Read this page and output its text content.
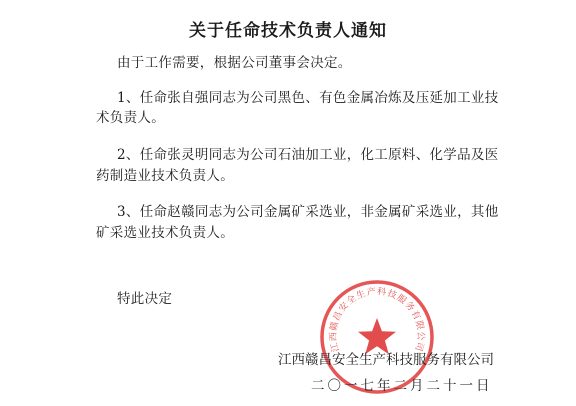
关于任命技术负责人通知
由于工作需要，根据公司董事会决定。
1、任命张自强同志为公司黑色、有色金属冶炼及压延加工业技
术负责人。
2、任命张灵明同志为公司石油加工业，化工原料、化学品及医
药制造业技术负责人。
3、任命赵赣同志为公司金属矿采选业，非金属矿采选业，其他
矿采选业技术负责人。
特此决定
江西赣昌安全生产科技服务有限公司
江西赣昌安全生产科技服务有限公司
二〇一七年二月二十一日
